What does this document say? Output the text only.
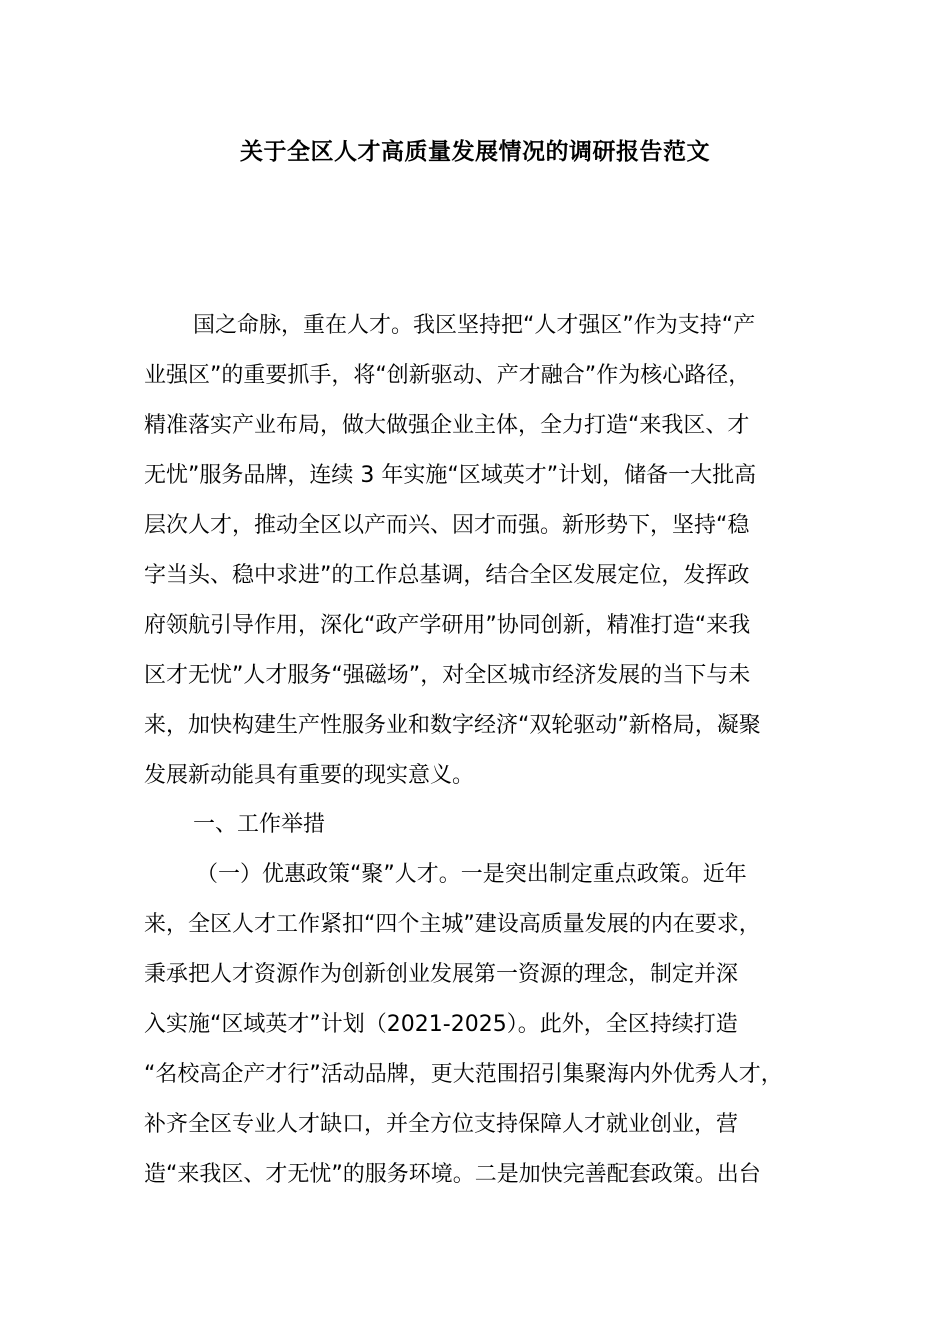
关于全区人才高质量发展情况的调研报告范文
国之命脉，重在人才。我区坚持把“人才强区”作为支持“产
业强区”的重要抓手，将“创新驱动、产才融合”作为核心路径，
精准落实产业布局，做大做强企业主体，全力打造“来我区、才
无忧”服务品牌，连续 3 年实施“区域英才”计划，储备一大批高
层次人才，推动全区以产而兴、因才而强。新形势下，坚持“稳
字当头、稳中求进”的工作总基调，结合全区发展定位，发挥政
府领航引导作用，深化“政产学研用”协同创新，精准打造“来我
区才无忧”人才服务“强磁场”，对全区城市经济发展的当下与未
来，加快构建生产性服务业和数字经济“双轮驱动”新格局，凝聚
发展新动能具有重要的现实意义。
一、工作举措
（一）优惠政策“聚”人才。一是突出制定重点政策。近年
来，全区人才工作紧扣“四个主城”建设高质量发展的内在要求，
秉承把人才资源作为创新创业发展第一资源的理念，制定并深
入实施“区域英才”计划（2021-2025）。此外，全区持续打造
“名校高企产才行”活动品牌，更大范围招引集聚海内外优秀人才，
补齐全区专业人才缺口，并全方位支持保障人才就业创业，营
造“来我区、才无忧”的服务环境。二是加快完善配套政策。出台
